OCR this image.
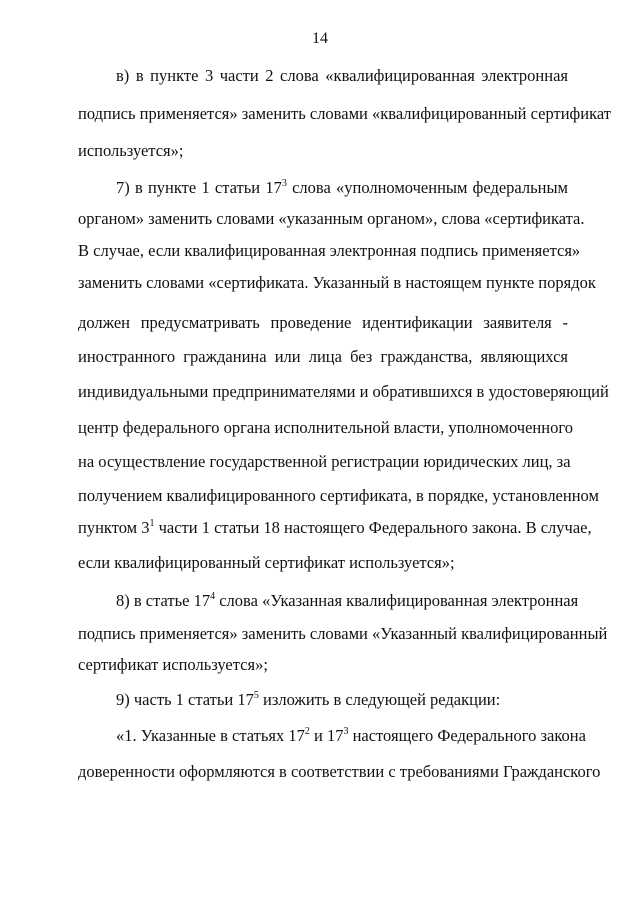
14
в) в пункте 3 части 2 слова «квалифицированная электронная
подпись применяется» заменить словами «квалифицированный сертификат
используется»;
7) в пункте 1 статьи $17^3$ слова «уполномоченным федеральным
органом» заменить словами «указанным органом», слова «сертификата.
В случае, если квалифицированная электронная подпись применяется»
заменить словами «сертификата. Указанный в настоящем пункте порядок
должен предусматривать проведение идентификации заявителя -
иностранного гражданина или лица без гражданства, являющихся
индивидуальными предпринимателями и обратившихся в удостоверяющий
центр федерального органа исполнительной власти, уполномоченного
на осуществление государственной регистрации юридических лиц, за
получением квалифицированного сертификата, в порядке, установленном
пунктом $3^1$ части 1 статьи 18 настоящего Федерального закона. В случае,
если квалифицированный сертификат используется»;
8) в статье $17^4$ слова «Указанная квалифицированная электронная
подпись применяется» заменить словами «Указанный квалифицированный
сертификат используется»;
9) часть 1 статьи $17^5$ изложить в следующей редакции:
«1. Указанные в статьях $17^2$ и $17^3$ настоящего Федерального закона
доверенности оформляются в соответствии с требованиями Гражданского
